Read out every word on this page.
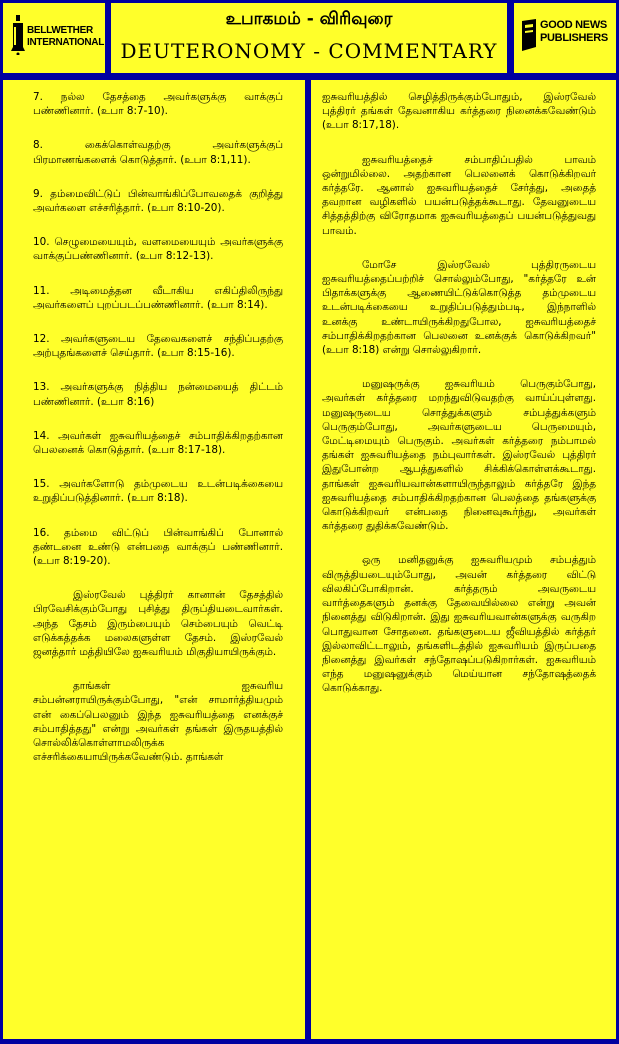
BELLWETHER
INTERNATIONAL
உபாகமம் - விரிவுரை
DEUTERONOMY - COMMENTARY
GOOD NEWS
PUBLISHERS

7. நல்ல தேசத்தை அவர்களுக்கு வாக்குப் பண்ணினார். (உபா 8:7-10).

8. கைக்கொள்வதற்கு அவர்களுக்குப் பிரமாணங்களைக் கொடுத்தார். (உபா 8:1,11).

9. தம்மைவிட்டுப் பின்வாங்கிப்போவதைக் குறித்து அவர்களை எச்சரித்தார். (உபா 8:10-20).

10. செழுமையையும், வளமையையும் அவர்களுக்கு வாக்குப்பண்ணினார். (உபா 8:12-13).

11. அடிமைத்தன வீடாகிய எகிப்திலிருந்து அவர்களைப் புறப்படப்பண்ணினார். (உபா 8:14).

12. அவர்களுடைய தேவைகளைச் சந்திப்பதற்கு அற்புதங்களைச் செய்தார். (உபா 8:15-16).

13. அவர்களுக்கு நித்திய நன்மையைத் திட்டம் பண்ணினார். (உபா 8:16)

14. அவர்கள் ஐசுவரியத்தைச் சம்பாதிக்கிறதற்கான பெலனைக் கொடுத்தார். (உபா 8:17-18).

15. அவர்களோடு தம்முடைய உடன்படிக்கையை உறுதிப்படுத்தினார். (உபா 8:18).

16. தம்மை விட்டுப் பின்வாங்கிப் போனால் தண்டனை உண்டு என்பதை வாக்குப் பண்ணினார். (உபா 8:19-20).

இஸ்ரவேல் புத்திரர் கானான் தேசத்தில் பிரவேசிக்கும்போது புசித்து திருப்தியடைவார்கள். அந்த தேசம் இரும்பையும் செம்பையும் வெட்டி எடுக்கத்தக்க மலைகளுள்ள தேசம். இஸ்ரவேல் ஜனத்தார் மத்தியிலே ஐசுவரியம் மிகுதியாயிருக்கும்.

தாங்கள் ஐசுவரிய சம்பன்னராயிருக்கும்போது, "என் சாமார்த்தியமும் என் கைப்பெலனும் இந்த ஐசுவரியத்தை எனக்குச் சம்பாதித்தது" என்று அவர்கள் தங்கள் இருதயத்தில் சொல்லிக்கொள்ளாமலிருக்க எச்சரிக்கையாயிருக்கவேண்டும். தாங்கள்

ஐசுவரியத்தில் செழித்திருக்கும்போதும், இஸ்ரவேல் புத்திரர் தங்கள் தேவனாகிய கர்த்தரை நினைக்கவேண்டும் (உபா 8:17,18).

ஐசுவரியத்தைச் சம்பாதிப்பதில் பாவம் ஒன்றுமில்லை. அதற்கான பெலனைக் கொடுக்கிறவர் கர்த்தரே. ஆனால் ஐசுவரியத்தைச் சேர்த்து, அதைத் தவறான வழிகளில் பயன்படுத்தக்கூடாது. தேவனுடைய சித்தத்திற்கு விரோதமாக ஐசுவரியத்தைப் பயன்படுத்துவது பாவம்.

மோசே இஸ்ரவேல் புத்திரருடைய ஐசுவரியத்தைப்பற்றிச் சொல்லும்போது, "கர்த்தரே உன் பிதாக்களுக்கு ஆணையிட்டுக்கொடுத்த தம்முடைய உடன்படிக்கையை உறுதிப்படுத்தும்படி, இந்நாளில் உனக்கு உண்டாயிருக்கிறதுபோல, ஐசுவரியத்தைச் சம்பாதிக்கிறதற்கான பெலனை உனக்குக் கொடுக்கிறவர்" (உபா 8:18) என்று சொல்லுகிறார்.

மனுஷருக்கு ஐசுவரியம் பெருகும்போது, அவர்கள் கர்த்தரை மறந்துவிடுவதற்கு வாய்ப்புள்ளது. மனுஷருடைய சொத்துக்களும் சம்பத்துக்களும் பெருகும்போது, அவர்களுடைய பெருமையும், மேட்டிமையும் பெருகும். அவர்கள் கர்த்தரை நம்பாமல் தங்கள் ஐசுவரியத்தை நம்புவார்கள். இஸ்ரவேல் புத்திரர் இதுபோன்ற ஆபத்துகளில் சிக்கிக்கொள்ளக்கூடாது. தாங்கள் ஐசுவரியவான்களாயிருந்தாலும் கர்த்தரே இந்த ஐசுவரியத்தை சம்பாதிக்கிறதற்கான பெலத்தை தங்களுக்கு கொடுக்கிறவர் என்பதை நினைவுகூர்ந்து, அவர்கள் கர்த்தரை துதிக்கவேண்டும்.

ஒரு மனிதனுக்கு ஐசுவரியமும் சம்பத்தும் விருத்தியடையும்போது, அவன் கர்த்தரை விட்டு விலகிப்போகிறான். கர்த்தரும் அவருடைய வார்த்தைகளும் தனக்கு தேவையில்லை என்று அவன் நினைத்து விடுகிறான். இது ஐசுவரியவான்களுக்கு வருகிற பொதுவான சோதனை. தங்களுடைய ஜீவியத்தில் கர்த்தர் இல்லாவிட்டாலும், தங்களிடத்தில் ஐசுவரியம் இருப்பதை நினைத்து இவர்கள் சந்தோஷப்படுகிறார்கள். ஐசுவரியம் எந்த மனுஷனுக்கும் மெய்யான சந்தோஷத்தைக் கொடுக்காது.
